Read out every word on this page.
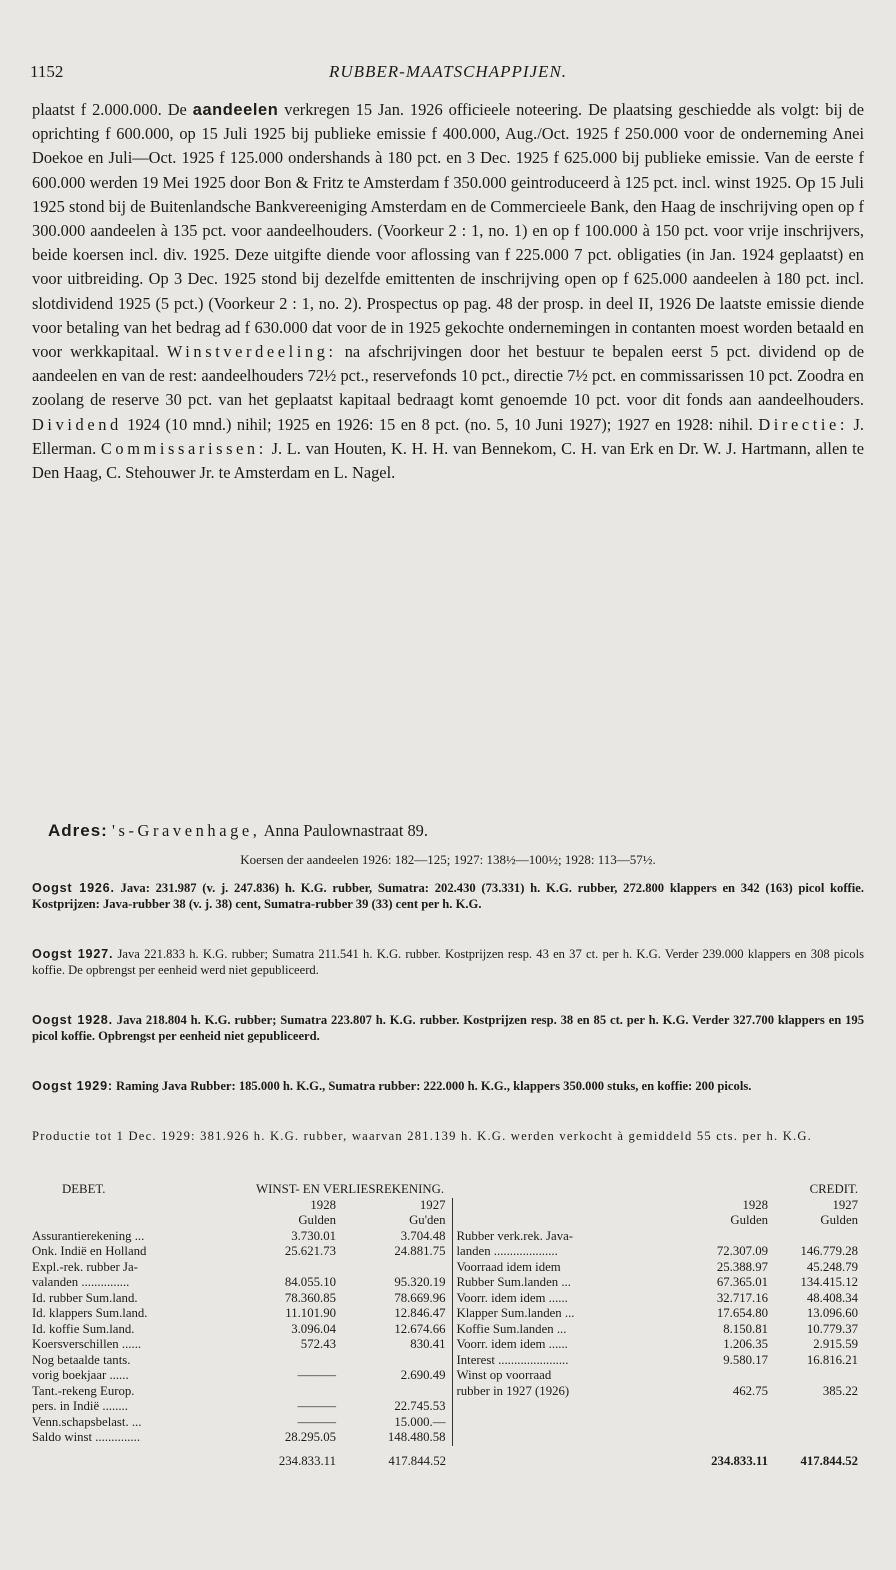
1152	RUBBER-MAATSCHAPPIJEN.
plaatst f 2.000.000. De aandeelen verkregen 15 Jan. 1926 officieele noteering. De plaatsing geschiedde als volgt: bij de oprichting f 600.000, op 15 Juli 1925 bij publieke emissie f 400.000, Aug./Oct. 1925 f 250.000 voor de onderneming Anei Doekoe en Juli—Oct. 1925 f 125.000 ondershands à 180 pct. en 3 Dec. 1925 f 625.000 bij publieke emissie. Van de eerste f 600.000 werden 19 Mei 1925 door Bon & Fritz te Amsterdam f 350.000 geintroduceerd à 125 pct. incl. winst 1925. Op 15 Juli 1925 stond bij de Buitenlandsche Bankvereeniging Amsterdam en de Commercieele Bank, den Haag de inschrijving open op f 300.000 aandeelen à 135 pct. voor aandeelhouders. (Voorkeur 2 : 1, no. 1) en op f 100.000 à 150 pct. voor vrije inschrijvers, beide koersen incl. div. 1925. Deze uitgifte diende voor aflossing van f 225.000 7 pct. obligaties (in Jan. 1924 geplaatst) en voor uitbreiding. Op 3 Dec. 1925 stond bij dezelfde emittenten de inschrijving open op f 625.000 aandeelen à 180 pct. incl. slotdividend 1925 (5 pct.) (Voorkeur 2 : 1, no. 2). Prospectus op pag. 48 der prosp. in deel II, 1926 De laatste emissie diende voor betaling van het bedrag ad f 630.000 dat voor de in 1925 gekochte ondernemingen in contanten moest worden betaald en voor werkkapitaal. Winstverdeeling: na afschrijvingen door het bestuur te bepalen eerst 5 pct. dividend op de aandeelen en van de rest: aandeelhouders 72½ pct., reservefonds 10 pct., directie 7½ pct. en commissarissen 10 pct. Zoodra en zoolang de reserve 30 pct. van het geplaatst kapitaal bedraagt komt genoemde 10 pct. voor dit fonds aan aandeelhouders. Dividend 1924 (10 mnd.) nihil; 1925 en 1926: 15 en 8 pct. (no. 5, 10 Juni 1927); 1927 en 1928: nihil. Directie: J. Ellerman. Commissarissen: J. L. van Houten, K. H. H. van Bennekom, C. H. van Erk en Dr. W. J. Hartmann, allen te Den Haag, C. Stehouwer Jr. te Amsterdam en L. Nagel.
Adres: 's-Gravenhage, Anna Paulownastraat 89.
Koersen der aandeelen 1926: 182—125; 1927: 138½—100½; 1928: 113—57½.
Oogst 1926. Java: 231.987 (v. j. 247.836) h. K.G. rubber, Sumatra: 202.430 (73.331) h. K.G. rubber, 272.800 klappers en 342 (163) picol koffie. Kostprijzen: Java-rubber 38 (v. j. 38) cent, Sumatra-rubber 39 (33) cent per h. K.G.
Oogst 1927. Java 221.833 h. K.G. rubber; Sumatra 211.541 h. K.G. rubber. Kostprijzen resp. 43 en 37 ct. per h. K.G. Verder 239.000 klappers en 308 picols koffie. De opbrengst per eenheid werd niet gepubliceerd.
Oogst 1928. Java 218.804 h. K.G. rubber; Sumatra 223.807 h. K.G. rubber. Kostprijzen resp. 38 en 85 ct. per h. K.G. Verder 327.700 klappers en 195 picol koffie. Opbrengst per eenheid niet gepubliceerd.
Oogst 1929: Raming Java Rubber: 185.000 h. K.G., Sumatra rubber: 222.000 h. K.G., klappers 350.000 stuks, en koffie: 200 picols.
Productie tot 1 Dec. 1929: 381.926 h. K.G. rubber, waarvan 281.139 h. K.G. werden verkocht à gemiddeld 55 cts. per h. K.G.
DEBET.	WINST- EN VERLIESREKENING.				CREDIT.
	1928	1927		1928	1927
	Gulden	Gu'den		Gulden	Gulden
Assurantierekening ...	3.730.01	3.704.48	Rubber verk.rek. Java-		
Onk. Indië en Holland	25.621.73	24.881.75	landen ....................	72.307.09	146.779.28
Expl.-rek. rubber Ja-			Voorraad idem idem	25.388.97	45.248.79
valanden ...............	84.055.10	95.320.19	Rubber Sum.landen ...	67.365.01	134.415.12
Id. rubber Sum.land.	78.360.85	78.669.96	Voorr. idem idem ......	32.717.16	48.408.34
Id. klappers Sum.land.	11.101.90	12.846.47	Klapper Sum.landen ...	17.654.80	13.096.60
Id. koffie Sum.land.	3.096.04	12.674.66	Koffie Sum.landen ...	8.150.81	10.779.37
Koersverschillen ......	572.43	830.41	Voorr. idem idem ......	1.206.35	2.915.59
Nog betaalde tants.			Interest ......................	9.580.17	16.816.21
vorig boekjaar ......	———	2.690.49	Winst op voorraad		
Tant.-rekeng Europ.			rubber in 1927 (1926)	462.75	385.22
pers. in Indië ........	———	22.745.53			
Venn.schapsbelast. ...	———	15.000.—			
Saldo winst ..............	28.295.05	148.480.58			
	234.833.11	417.844.52		234.833.11	417.844.52
